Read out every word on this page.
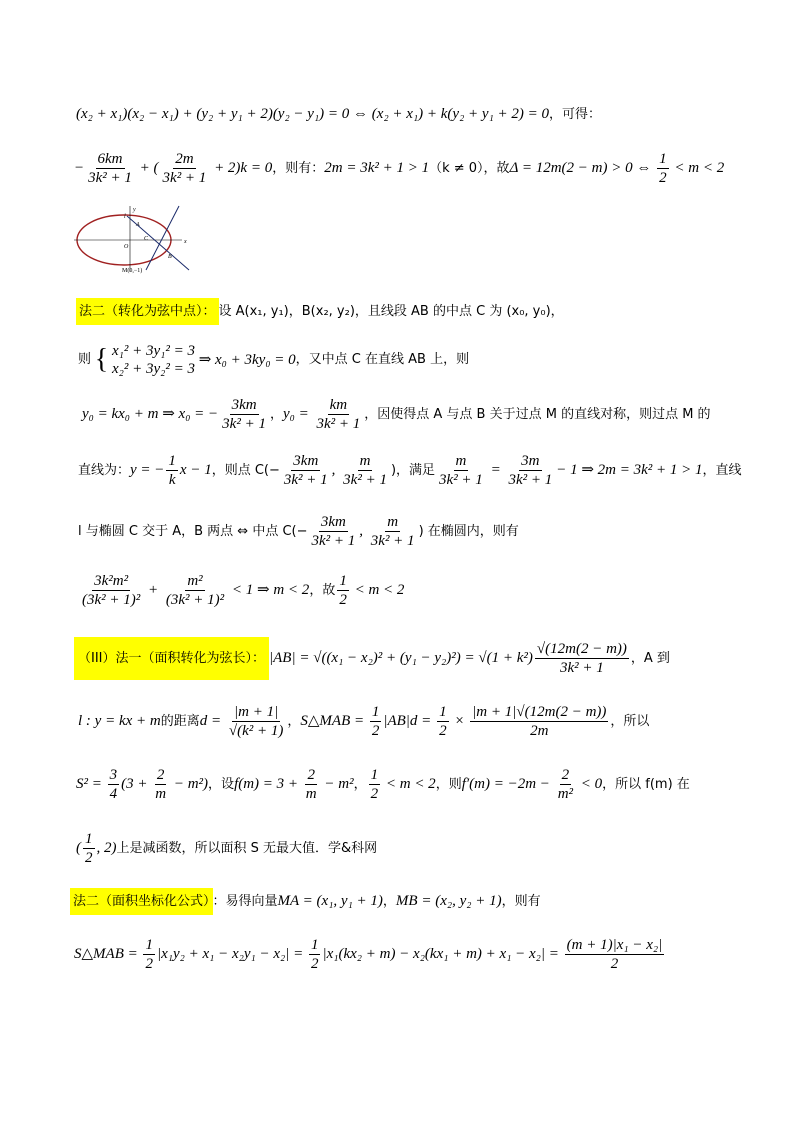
(x₂ + x₁)(x₂ − x₁) + (y₂ + y₁ + 2)(y₂ − y₁) = 0 ⇔ (x₂ + x₁) + k(y₂ + y₁ + 2) = 0，可得：
− $\frac{6km}{\text{3k² + 1}}$ + ( $\frac{2m}{\text{3k² + 1}} + 2)k = 0$，则有：2m = 3k² + 1 > 1（k ≠ 0），故Δ = 12m(2 − m) > 0 ⇔ $\frac{1}{2} < m < 2$
y
x
l
C
A
B
O
M(0,−1)
法二（转化为弦中点）： 设 A(x₁, y₁)，B(x₂, y₂)，且线段 AB 的中点 C 为 (x₀, y₀)，
则 { x₁² + 3y₁² = 3
x₂² + 3y₂² = 3
⇒ x₀ + 3ky₀ = 0，又中点 C 在直线 AB 上，则
y₀ = kx₀ + m ⇒ x₀ = − $\frac{3km}{\text{3k² + 1}}$ ，$y_0 = \frac{km}{\text{3k² + 1}}$ ，因使得点 A 与点 B 关于过点 M 的直线对称，则过点 M 的
直线为：y = − $\frac{1}{k}$ x − 1，则点 $C(- \frac{3km}{\text{3k² + 1}}$ , $\frac{m}{\text{3k² + 1}}$ )，满足 $\frac{m}{\text{3k² + 1}} = \frac{3m}{\text{3k² + 1}} - 1$ ⇒ 2m = 3k² + 1 > 1，直线
l 与椭圆 C 交于 A，B 两点 ⇔ 中点 $C(- \frac{3km}{\text{3k² + 1}}$ , $\frac{m}{\text{3k² + 1}}$ ) 在椭圆内，则有
$\frac{\text{3k²m²}}{\text{(3k² + 1)²}} + \frac{\text{m²}}{\text{(3k² + 1)²}} < 1$ ⇒ m < 2，故 $\frac{1}{2} < m < 2$
（III）法一（面积转化为弦长）： $|AB| = √((x_1 - x_2)^2 + (y_1 - y_2)^2) = √(1 + k^2) \frac{√(12m(2 - m))}{\text{3k² + 1}}$ ，A 到
l : y = kx + m的距离$d = \frac{|m + 1|}{\text{√(k² + 1)}}$ ，S△MAB = $\frac{1}{2} |AB|d = \frac{1}{2} \times \frac{|m + 1|√(12m(2 - m))}{2m}$ ，所以
$S^2 = \frac{3}{4} (3 + \frac{2}{m} - m^2)$，设$f(m) = 3 + \frac{2}{m} - m^2$， $\frac{1}{2} < m < 2$，则$f'(m) = -2m - \frac{2}{\text{m²}} < 0$，所以 f(m) 在
( $\frac{1}{2}$ , 2)上是减函数，所以面积 S 无最大值．学&科网
法二（面积坐标化公式） ：易得向量MA = (x₁, y₁ + 1)，MB = (x₂, y₂ + 1)，则有
S△MAB = $\frac{1}{2} |x_1y_2 + x_1 - x_2y_1 - x_2| = \frac{1}{2} |x_1(kx_2 + m) - x_2(kx_1 + m) + x_1 - x_2| = \frac{\text{(m + 1)|x₁ − x₂|}}{2}$
